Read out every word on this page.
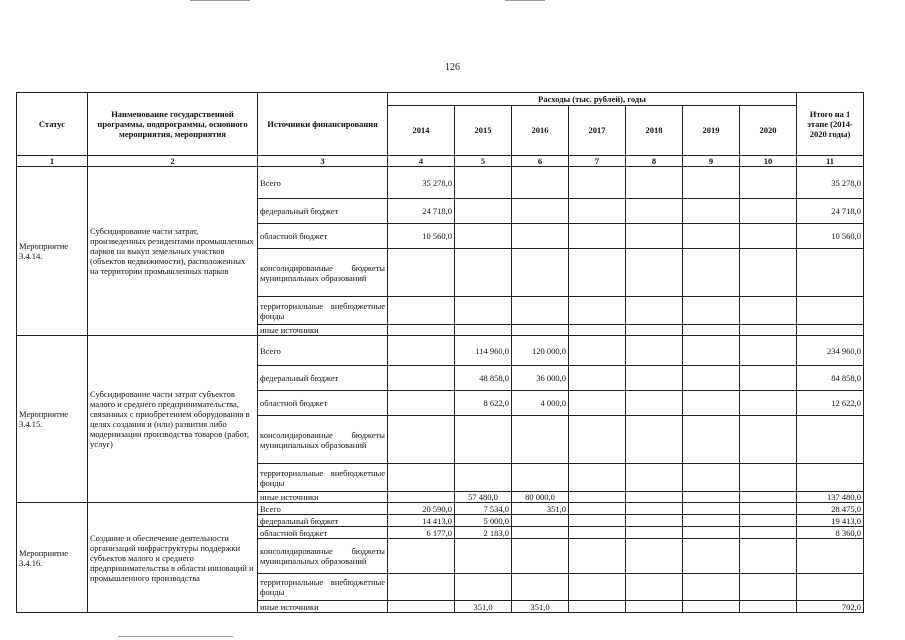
126
Статус	Наименование государственной программы, подпрограммы, основного мероприятия, мероприятия	Источники финансирования	Расходы (тыс. рублей), годы							Итого на 1 этапе (2014-2020 годы)
			2014	2015	2016	2017	2018	2019	2020	
1	2	3	4	5	6	7	8	9	10	11
Мероприятие 3.4.14.	Субсидирование части затрат, произведенных резидентами промышленных парков на выкуп земельных участков (объектов недвижимости), расположенных на территории промышленных парков	Всего	35 278,0							35 278,0
		федеральный бюджет	24 718,0							24 718,0
		областной бюджет	10 560,0							10 560,0
		консолидированные бюджеты муниципальных образований								
		территориальные внебюджетные фонды								
		иные источники								
Мероприятие 3.4.15.	Субсидирование части затрат субъектов малого и среднего предпринимательства, связанных с приобретением оборудования в целях создания и (или) развития либо модернизации производства товаров (работ, услуг)	Всего		114 960,0	120 000,0					234 960,0
		федеральный бюджет		48 858,0	36 000,0					84 858,0
		областной бюджет		8 622,0	4 000,0					12 622,0
		консолидированные бюджеты муниципальных образований								
		территориальные внебюджетные фонды								
		иные источники		57 480,0	80 000,0					137 480,0
Мероприятие 3.4.16.	Создание и обеспечение деятельности организаций инфраструктуры поддержки субъектов малого и среднего предпринимательства в области инноваций и промышленного производства	Всего	20 590,0	7 534,0	351,0					28 475,0
		федеральный бюджет	14 413,0	5 000,0						19 413,0
		областной бюджет	6 177,0	2 183,0						8 360,0
		консолидированные бюджеты муниципальных образований								
		территориальные внебюджетные фонды								
		иные источники		351,0	351,0					702,0
